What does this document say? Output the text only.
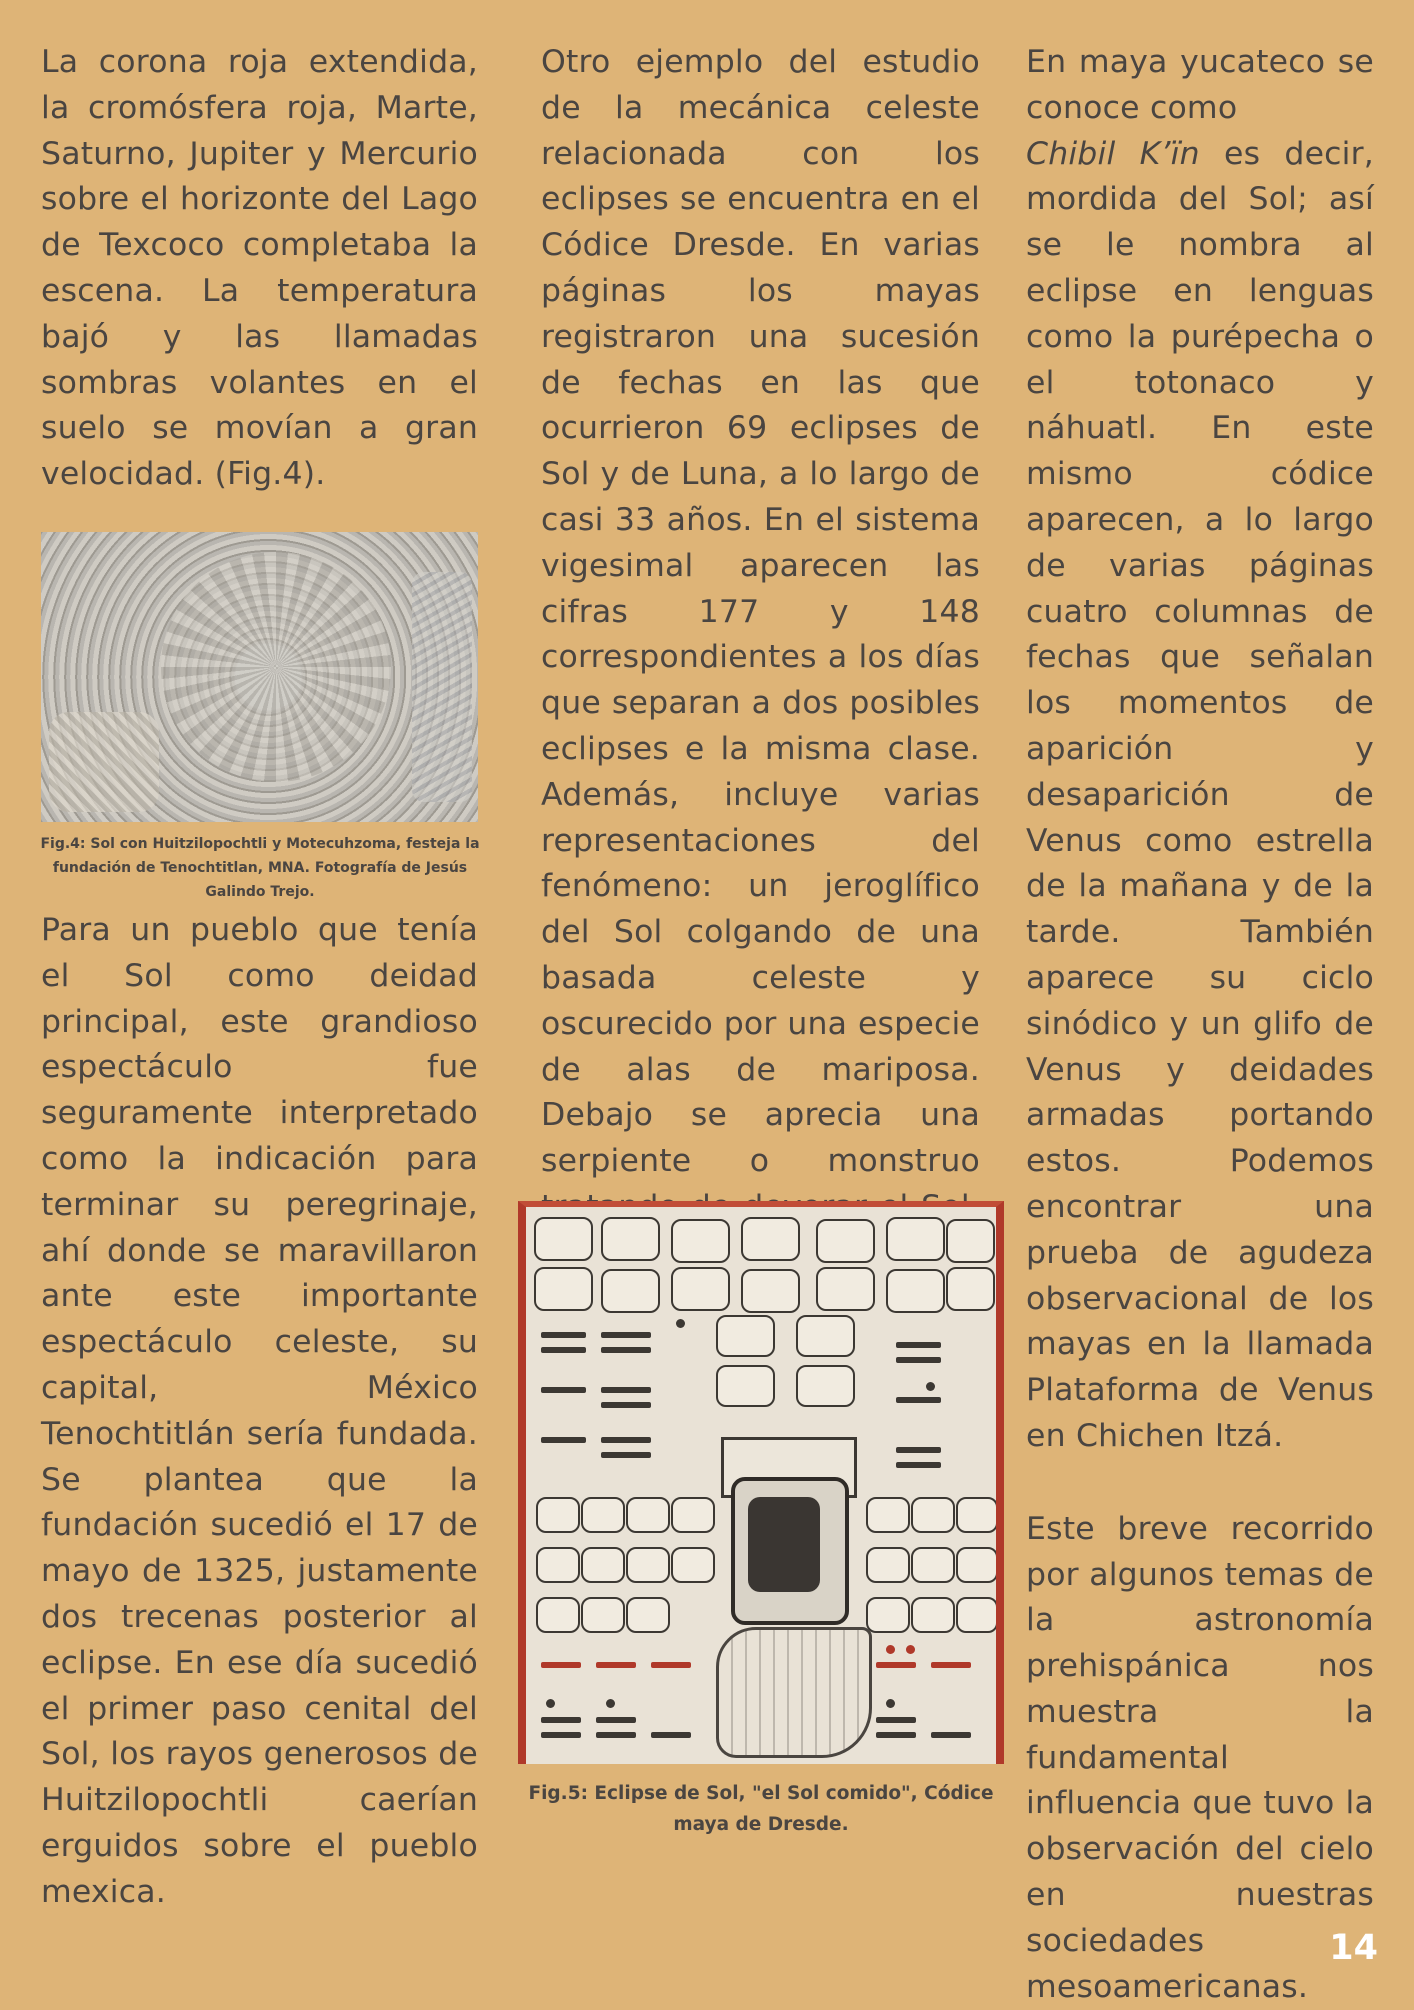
La corona roja extendida, la cromósfera roja, Marte, Saturno, Jupiter y Mercurio sobre el horizonte del Lago de Texcoco completaba la escena. La temperatura bajó y las llamadas sombras volantes en el suelo se movían a gran velocidad. (Fig.4).

Fig.4: Sol con Huitzilopochtli y Motecuhzoma, festeja la fundación de Tenochtitlan, MNA. Fotografía de Jesús Galindo Trejo.

Para un pueblo que tenía el Sol como deidad principal, este grandioso espectáculo fue seguramente interpretado como la indicación para terminar su peregrinaje, ahí donde se maravillaron ante este importante espectáculo celeste, su capital, México Tenochtitlán sería fundada. Se plantea que la fundación sucedió el 17 de mayo de 1325, justamente dos trecenas posterior al eclipse. En ese día sucedió el primer paso cenital del Sol, los rayos generosos de Huitzilopochtli caerían erguidos sobre el pueblo mexica.

Otro ejemplo del estudio de la mecánica celeste relacionada con los eclipses se encuentra en el Códice Dresde. En varias páginas los mayas registraron una sucesión de fechas en las que ocurrieron 69 eclipses de Sol y de Luna, a lo largo de casi 33 años. En el sistema vigesimal aparecen las cifras 177 y 148 correspondientes a los días que separan a dos posibles eclipses e la misma clase. Además, incluye varias representaciones del fenómeno: un jeroglífico del Sol colgando de una basada celeste y oscurecido por una especie de alas de mariposa. Debajo se aprecia una serpiente o monstruo

Fig.5: Eclipse de Sol, "el Sol comido", Códice maya de Dresde.

En maya yucateco se conoce como
Chibil K’ïn es decir, mordida del Sol; así se le nombra al eclipse en lenguas como la purépecha o el totonaco y náhuatl. En este mismo códice aparecen, a lo largo de varias páginas cuatro columnas de fechas que señalan los momentos de aparición y desaparición de Venus como estrella de la mañana y de la tarde. También aparece su ciclo sinódico y un glifo de Venus y deidades armadas portando estos. Podemos encontrar una prueba de agudeza observacional de los mayas en la llamada Plataforma de Venus en Chichen Itzá.

Este breve recorrido por algunos temas de la astronomía prehispánica nos muestra la fundamental influencia que tuvo la observación del cielo en nuestras sociedades mesoamericanas.

14
